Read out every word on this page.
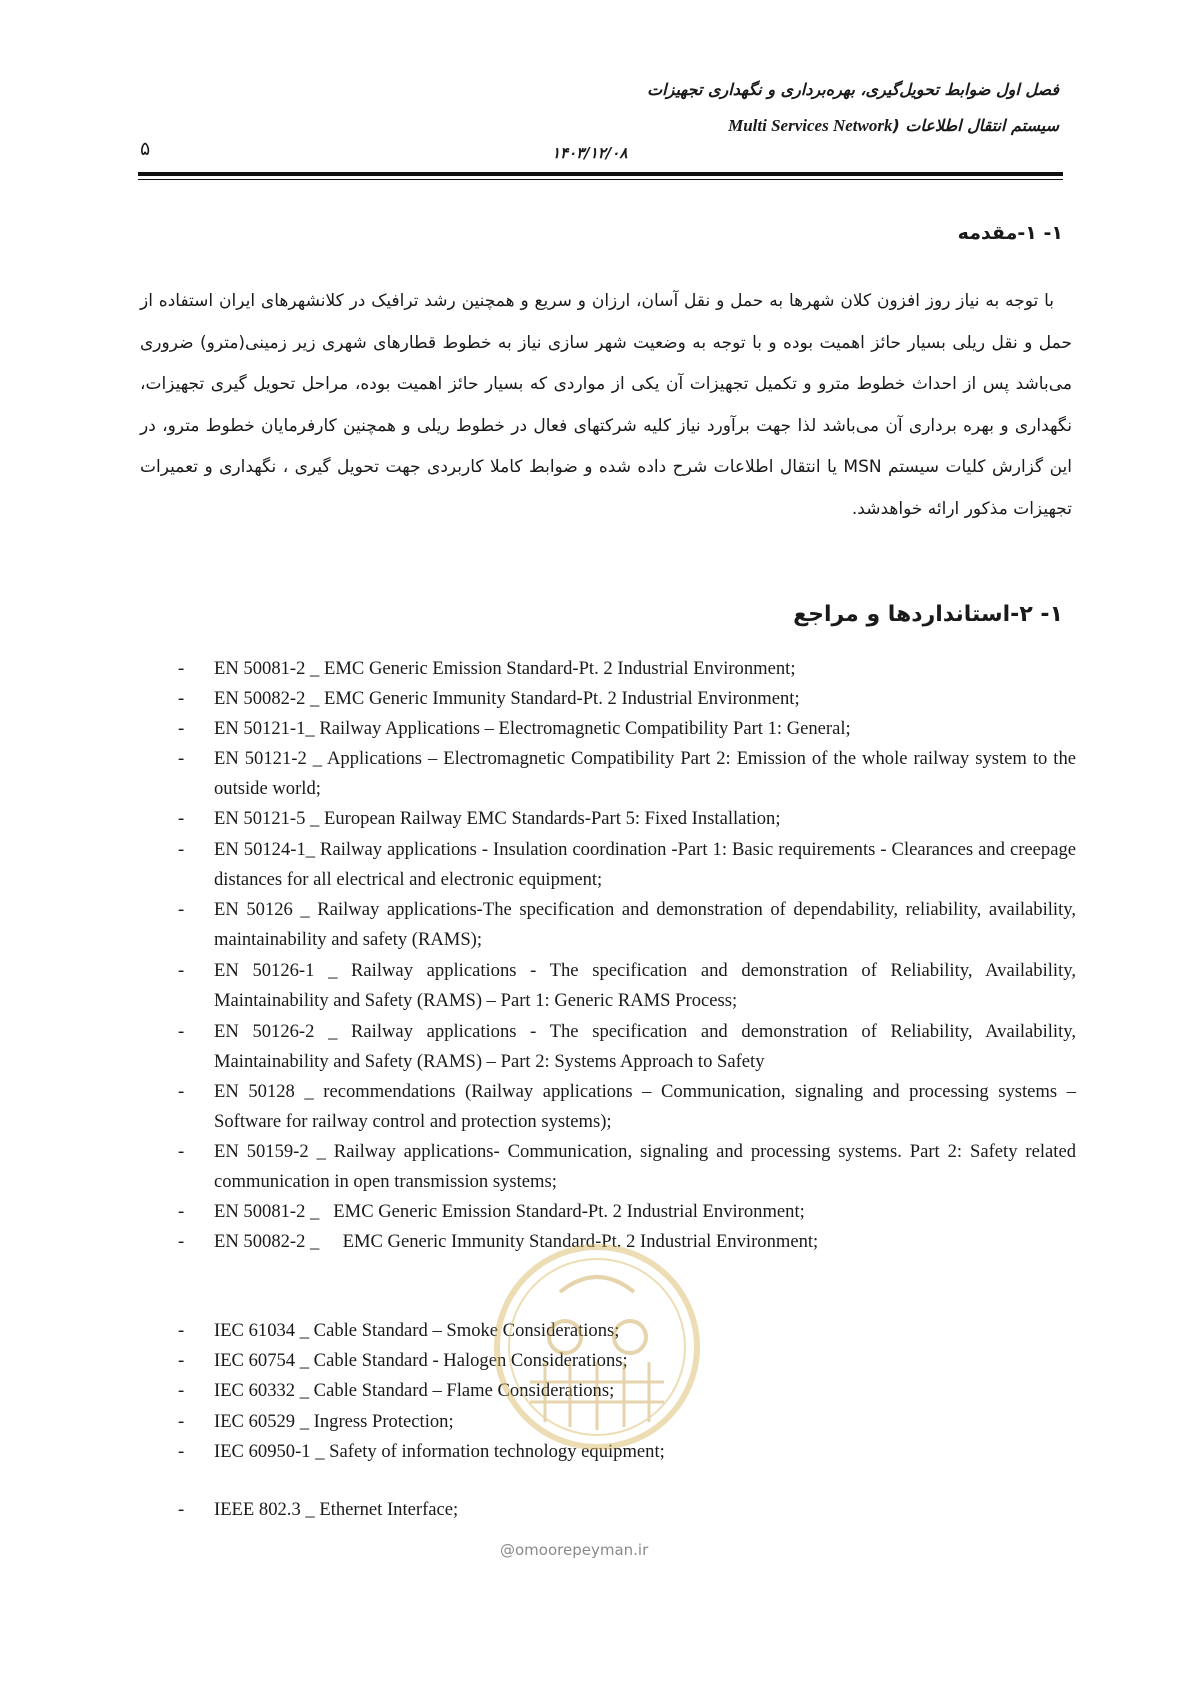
فصل اول ضوابط تحویل‌گیری، بهره‌برداری و نگهداری تجهیزات
سیستم انتقال اطلاعات (Multi Services Network
۵	۱۴۰۳/۱۲/۰۸
۱- ۱-مقدمه
با توجه به نیاز روز افزون کلان شهرها به حمل و نقل آسان، ارزان و سریع و همچنین رشد ترافیک در کلانشهرهای ایران استفاده از حمل و نقل ریلی بسیار حائز اهمیت بوده و با توجه به وضعیت شهر سازی نیاز به خطوط قطارهای شهری زیر زمینی(مترو) ضروری می‌باشد پس از احداث خطوط مترو و تکمیل تجهیزات آن یکی از مواردی که بسیار حائز اهمیت بوده، مراحل تحویل گیری تجهیزات، نگهداری و بهره برداری آن می‌باشد لذا جهت برآورد نیاز کلیه شرکتهای فعال در خطوط ریلی و همچنین کارفرمایان خطوط مترو، در این گزارش کلیات سیستم MSN یا انتقال اطلاعات شرح داده شده و ضوابط کاملا کاربردی جهت تحویل گیری ، نگهداری و تعمیرات تجهیزات مذکور ارائه خواهدشد.
۱- ۲-استانداردها و مراجع
- EN 50081-2 _ EMC Generic Emission Standard-Pt. 2 Industrial Environment;
- EN 50082-2 _ EMC Generic Immunity Standard-Pt. 2 Industrial Environment;
- EN 50121-1_ Railway Applications – Electromagnetic Compatibility Part 1: General;
- EN 50121-2 _ Applications – Electromagnetic Compatibility Part 2: Emission of the whole railway system to the outside world;
- EN 50121-5 _ European Railway EMC Standards-Part 5: Fixed Installation;
- EN 50124-1_ Railway applications - Insulation coordination -Part 1: Basic requirements - Clearances and creepage distances for all electrical and electronic equipment;
- EN 50126 _ Railway applications-The specification and demonstration of dependability, reliability, availability, maintainability and safety (RAMS);
- EN 50126-1 _ Railway applications - The specification and demonstration of Reliability, Availability, Maintainability and Safety (RAMS) – Part 1: Generic RAMS Process;
- EN 50126-2 _ Railway applications - The specification and demonstration of Reliability, Availability, Maintainability and Safety (RAMS) – Part 2: Systems Approach to Safety
- EN 50128 _ recommendations (Railway applications – Communication, signaling and processing systems – Software for railway control and protection systems);
- EN 50159-2 _ Railway applications- Communication, signaling and processing systems. Part 2: Safety related communication in open transmission systems;
- EN 50081-2 _   EMC Generic Emission Standard-Pt. 2 Industrial Environment;
- EN 50082-2 _     EMC Generic Immunity Standard-Pt. 2 Industrial Environment;
- IEC 61034 _ Cable Standard – Smoke Considerations;
- IEC 60754 _ Cable Standard - Halogen Considerations;
- IEC 60332 _ Cable Standard – Flame Considerations;
- IEC 60529 _ Ingress Protection;
- IEC 60950-1 _ Safety of information technology equipment;
- IEEE 802.3 _ Ethernet Interface;
@omoorepeyman.ir
